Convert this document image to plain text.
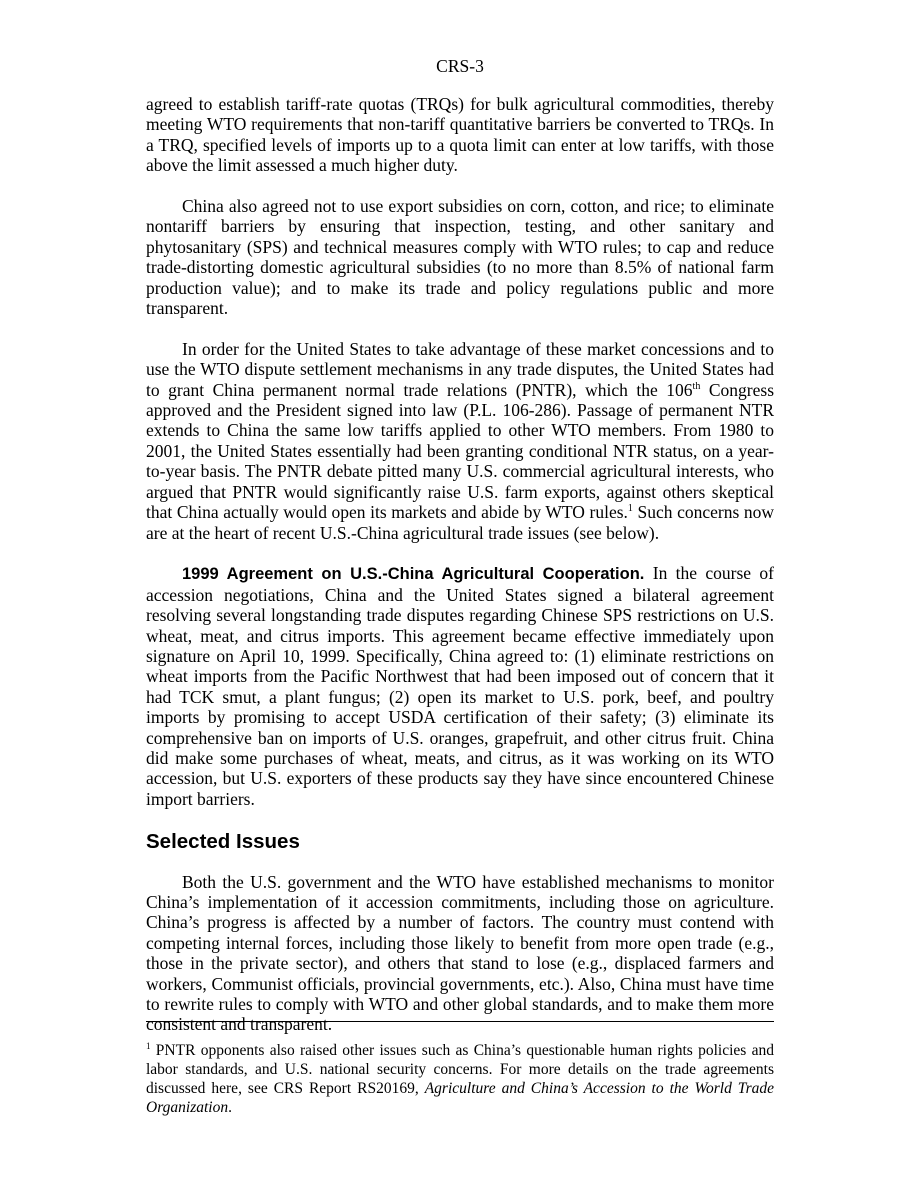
CRS-3

agreed to establish tariff-rate quotas (TRQs) for bulk agricultural commodities, thereby meeting WTO requirements that non-tariff quantitative barriers be converted to TRQs. In a TRQ, specified levels of imports up to a quota limit can enter at low tariffs, with those above the limit assessed a much higher duty.

China also agreed not to use export subsidies on corn, cotton, and rice; to eliminate nontariff barriers by ensuring that inspection, testing, and other sanitary and phytosanitary (SPS) and technical measures comply with WTO rules; to cap and reduce trade-distorting domestic agricultural subsidies (to no more than 8.5% of national farm production value); and to make its trade and policy regulations public and more transparent.

In order for the United States to take advantage of these market concessions and to use the WTO dispute settlement mechanisms in any trade disputes, the United States had to grant China permanent normal trade relations (PNTR), which the 106th Congress approved and the President signed into law (P.L. 106-286). Passage of permanent NTR extends to China the same low tariffs applied to other WTO members. From 1980 to 2001, the United States essentially had been granting conditional NTR status, on a year-to-year basis. The PNTR debate pitted many U.S. commercial agricultural interests, who argued that PNTR would significantly raise U.S. farm exports, against others skeptical that China actually would open its markets and abide by WTO rules.$^1$ Such concerns now are at the heart of recent U.S.-China agricultural trade issues (see below).

1999 Agreement on U.S.-China Agricultural Cooperation. In the course of accession negotiations, China and the United States signed a bilateral agreement resolving several longstanding trade disputes regarding Chinese SPS restrictions on U.S. wheat, meat, and citrus imports. This agreement became effective immediately upon signature on April 10, 1999. Specifically, China agreed to: (1) eliminate restrictions on wheat imports from the Pacific Northwest that had been imposed out of concern that it had TCK smut, a plant fungus; (2) open its market to U.S. pork, beef, and poultry imports by promising to accept USDA certification of their safety; (3) eliminate its comprehensive ban on imports of U.S. oranges, grapefruit, and other citrus fruit. China did make some purchases of wheat, meats, and citrus, as it was working on its WTO accession, but U.S. exporters of these products say they have since encountered Chinese import barriers.

Selected Issues

Both the U.S. government and the WTO have established mechanisms to monitor China’s implementation of it accession commitments, including those on agriculture. China’s progress is affected by a number of factors. The country must contend with competing internal forces, including those likely to benefit from more open trade (e.g., those in the private sector), and others that stand to lose (e.g., displaced farmers and workers, Communist officials, provincial governments, etc.). Also, China must have time to rewrite rules to comply with WTO and other global standards, and to make them more consistent and transparent.

$^1$ PNTR opponents also raised other issues such as China’s questionable human rights policies and labor standards, and U.S. national security concerns. For more details on the trade agreements discussed here, see CRS Report RS20169, Agriculture and China’s Accession to the World Trade Organization.
